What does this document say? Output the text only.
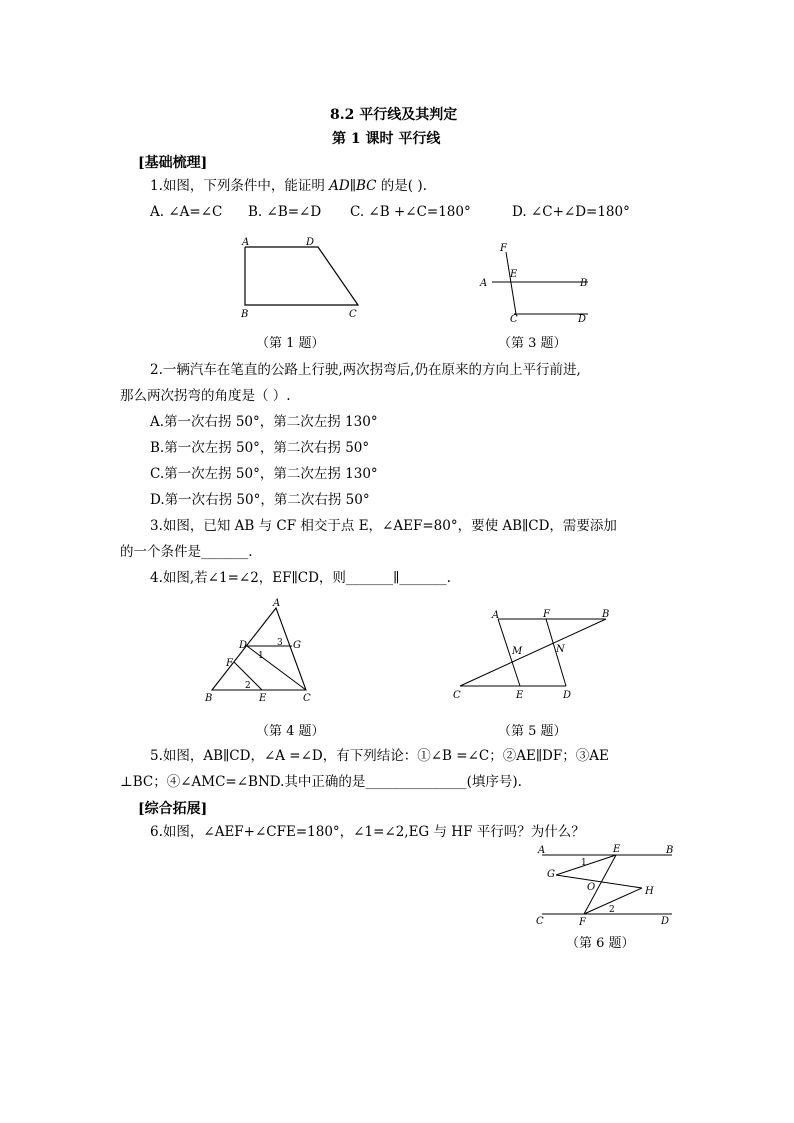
8.2 平行线及其判定
第 1 课时 平行线
[基础梳理]
1.如图，下列条件中，能证明 AD∥BC 的是( ).
A. ∠A=∠C B. ∠B=∠D C. ∠B +∠C=180°	D. ∠C+∠D=180°
A	D
B	C
（第 1 题）
F
E
A	B
C	D
（第 3 题）
2.一辆汽车在笔直的公路上行驶,两次拐弯后,仍在原来的方向上平行前进,
那么两次拐弯的角度是（ ）.
A.第一次右拐 50°，第二次左拐 130°
B.第一次左拐 50°，第二次右拐 50°
C.第一次左拐 50°，第二次左拐 130°
D.第一次右拐 50°，第二次右拐 50°
3.如图，已知 AB 与 CF 相交于点 E，∠AEF=80°，要使 AB∥CD，需要添加
的一个条件是_______.
4.如图,若∠1=∠2，EF∥CD，则_______∥_______.
A
D	G
F
B	E	C
1
2
3
（第 4 题）
A	F	B
M	N
C	E	D
（第 5 题）
5.如图，AB∥CD，∠A =∠D，有下列结论：①∠B =∠C；②AE∥DF；③AE
⊥BC；④∠AMC=∠BND.其中正确的是_______________(填序号).
[综合拓展]
6.如图，∠AEF+∠CFE=180°，∠1=∠2,EG 与 HF 平行吗？为什么？
A	E	B
G
O	H
C	F	D
1
2
（第 6 题）
